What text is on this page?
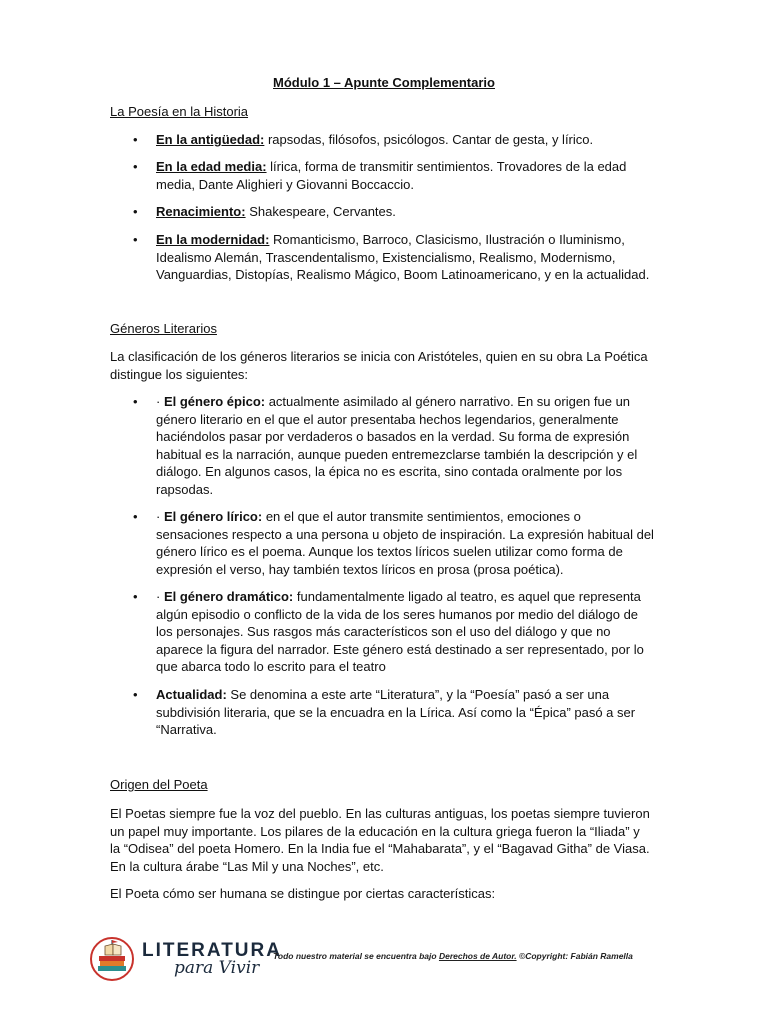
Módulo 1 – Apunte Complementario
La Poesía en la Historia
• En la antigüedad: rapsodas, filósofos, psicólogos. Cantar de gesta, y lírico.
• En la edad media: lírica, forma de transmitir sentimientos. Trovadores de la edad media, Dante Alighieri y Giovanni Boccaccio.
• Renacimiento: Shakespeare, Cervantes.
• En la modernidad: Romanticismo, Barroco, Clasicismo, Ilustración o Iluminismo, Idealismo Alemán, Trascendentalismo, Existencialismo, Realismo, Modernismo, Vanguardias, Distopías, Realismo Mágico, Boom Latinoamericano, y en la actualidad.
Géneros Literarios
La clasificación de los géneros literarios se inicia con Aristóteles, quien en su obra La Poética distingue los siguientes:
• · El género épico: actualmente asimilado al género narrativo. En su origen fue un género literario en el que el autor presentaba hechos legendarios, generalmente haciéndolos pasar por verdaderos o basados en la verdad. Su forma de expresión habitual es la narración, aunque pueden entremezclarse también la descripción y el diálogo. En algunos casos, la épica no es escrita, sino contada oralmente por los rapsodas.
• · El género lírico: en el que el autor transmite sentimientos, emociones o sensaciones respecto a una persona u objeto de inspiración. La expresión habitual del género lírico es el poema. Aunque los textos líricos suelen utilizar como forma de expresión el verso, hay también textos líricos en prosa (prosa poética).
• · El género dramático: fundamentalmente ligado al teatro, es aquel que representa algún episodio o conflicto de la vida de los seres humanos por medio del diálogo de los personajes. Sus rasgos más característicos son el uso del diálogo y que no aparece la figura del narrador. Este género está destinado a ser representado, por lo que abarca todo lo escrito para el teatro
• Actualidad: Se denomina a este arte “Literatura”, y la “Poesía” pasó a ser una subdivisión literaria, que se la encuadra en la Lírica. Así como la “Épica” pasó a ser “Narrativa.
Origen del Poeta
El Poetas siempre fue la voz del pueblo. En las culturas antiguas, los poetas siempre tuvieron un papel muy importante. Los pilares de la educación en la cultura griega fueron la “Iliada” y la “Odisea” del poeta Homero. En la India fue el “Mahabarata”, y el “Bagavad Githa” de Viasa. En la cultura árabe “Las Mil y una Noches”, etc.
El Poeta cómo ser humana se distingue por ciertas características:
LITERATURA
para Vivir
Todo nuestro material se encuentra bajo Derechos de Autor. ©Copyright: Fabián Ramella
